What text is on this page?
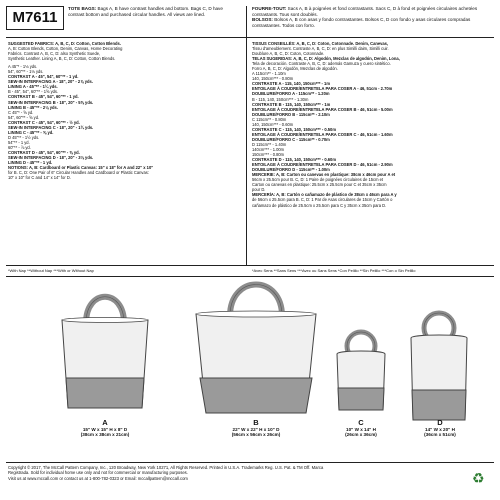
M7611
TOTE BAGS: Bags A, B have contrast handles and bottom. Bags C, D have contrast bottom and purchased circular handles. All views are lined.
FOURRE-TOUT: Sacs A, B à poignées et fond contrastants. Sacs C, D à fond et poignées circulaires achetées contrastants. Tous sont doublés.
BOLSOS: Bolsos A, B con asas y fondo contrastantes. Bolsos C, D con fondo y asas circulares compradas contrastantes. Todos con forro.
SUGGESTED FABRICS: A, B, C, D: Cotton, Cotton Blends.
A, B: Cotton Blends, Cotton, Denim, Canvas, Home Decorating
Fabrics. Contrast A, B, C, D: also Synthetic Suede,
Synthetic Leather. Lining A, B, C, D: Cotton, Cotton Blends.
A 45"* - 1⅛ yds.
54", 60"** - 1⅛ yds.
CONTRAST A - 45", 54", 60"** - 1 yd.
SEW-IN INTERFACING A - 18", 20" - 2⅞ yds.
LINING A - 45"** - 1¼ yds.
B - 45", 54", 60"** - 1⅝ yds.
CONTRAST B - 45", 54", 60"** - 1 yd.
SEW-IN INTERFACING B - 18", 20" - 5⅝ yds.
LINING B - 45"** - 2⅛ yds.
C 45"* - ⅝ yd.
54", 60"** - ⅝ yd.
CONTRAST C - 45", 54", 60"** - ½ yd.
SEW-IN INTERFACING C - 18", 20" - 1¾ yds.
LINING C - 45"** - ⅝ yd.
D 45"** - 1½ yds.
54"** - 1 yd.
60"** - ⅞ yd.
CONTRAST D - 45", 54", 60"** - ⅝ yd.
SEW-IN INTERFACING D - 18", 20" - 3⅛ yds.
LINING D - 45"** - 1 yd.
NOTIONS: A, B: Cardboard or Plastic Canvas: 15" x 18" for A and 22" x 10"
for B. C, D: One Pair of 6" Circular Handles and Cardboard or Plastic Canvas:
10" x 10" for C and 14" x 14" for D.
TISSUS CONSEILLÉS: A, B, C, D: Coton, Cotonnade. Denim, Canevas,
Tissu d'ameublement. Contraste A, B, C, D: en plus Similli daim, Similli cuir.
Doublure A, B, C, D: Coton, Cotonnade.
TELAS SUGERIDAS: A, B, C, D: Algodón, Mezclas de algodón, Denim, Lona,
Tela de decoración. Contraste A, B, C, D: además Gamuza y cuero sintético.
Forro A, B, C, D: Algodón, Mezclas de algodón.
A 115cm** - 1.10m
140, 150cm*** - 0.80m
CONTRASTE A - 115, 140, 150cm*** - 1m
ENTOILAGE À COUDRE/ENTRETELA PARA COSER A - 46, 51cm - 2.70m
DOUBLURE/FORRO A - 115cm** - 1.20m
B - 115, 140, 150cm*** - 1.30m
CONTRASTE B - 115, 140, 150cm*** - 1m
ENTOILAGE À COUDRE/ENTRETELA PARA COSER B - 46, 51cm - 5.00m
DOUBLURE/FORRO B - 115cm** - 2.10m
C 115cm** - 0.80m
140, 150cm*** - 0.60m
CONTRASTE C - 115, 140, 150cm*** - 0.50m
ENTOILAGE À COUDRE/ENTRETELA PARA COSER C - 46, 51cm - 1.60m
DOUBLURE/FORRO C - 115cm** - 0.70m
D 115cm** - 1.40m
140cm*** - 1.00m
150cm*** - 0.80m
CONTRASTE D - 115, 140, 150cm*** - 0.60m
ENTOILAGE À COUDRE/ENTRETELA PARA COSER D - 46, 51cm - 2.90m
DOUBLURE/FORRO D - 115cm** - 1.00m
MERCERIE: A, B: Carton ou canevas en plastique: 38cm x 46cm pour A et
56cm x 25.5cm pour B. C, D: 1 Paire de poignées circulaires de 15cm et
Carton ou canevas en plastique: 25.5cm x 25.5cm pour C et 35cm x 35cm
pour D.
MERCERÍA: A, B: Cartón o cañamazo de plástico de 38cm x 46cm para A y
de 56cm x 25.5cm para B. C, D: 1 Par de Asas circulares de 15cm y Cartón o
cañamazo de plástico de 25.5cm x 25.5cm para C y 35cm x 35cm para D.
*With Nap **Without Nap ***With or Without Nap	*Avec Sens **Sans Sens ***Avec ou Sans Sens *Con Pelillo **Sin Pelillo ***Con o Sin Pelillo
A
15" W x 15" H x 8" D
(38cm x 38cm x 21cm)
B
22" W x 22" H x 10" D
(56cm x 56cm x 26cm)
C
10" W x 14" H
(26cm x 36cm)
D
14" W x 20" H
(36cm x 51cm)
Copyright © 2017, The McCall Pattern Company, Inc., 120 Broadway, New York 10271, All Rights Reserved. Printed in U.S.A. Trademarks Reg. U.S. Pat. & TM Off. Marca
Registrada. Sold for individual home use only and not for commercial or manufacturing purposes.
Visit us at www.mccall.com or contact us at 1-800-782-0323 or Email: mccallpattern@mccall.com	♻
